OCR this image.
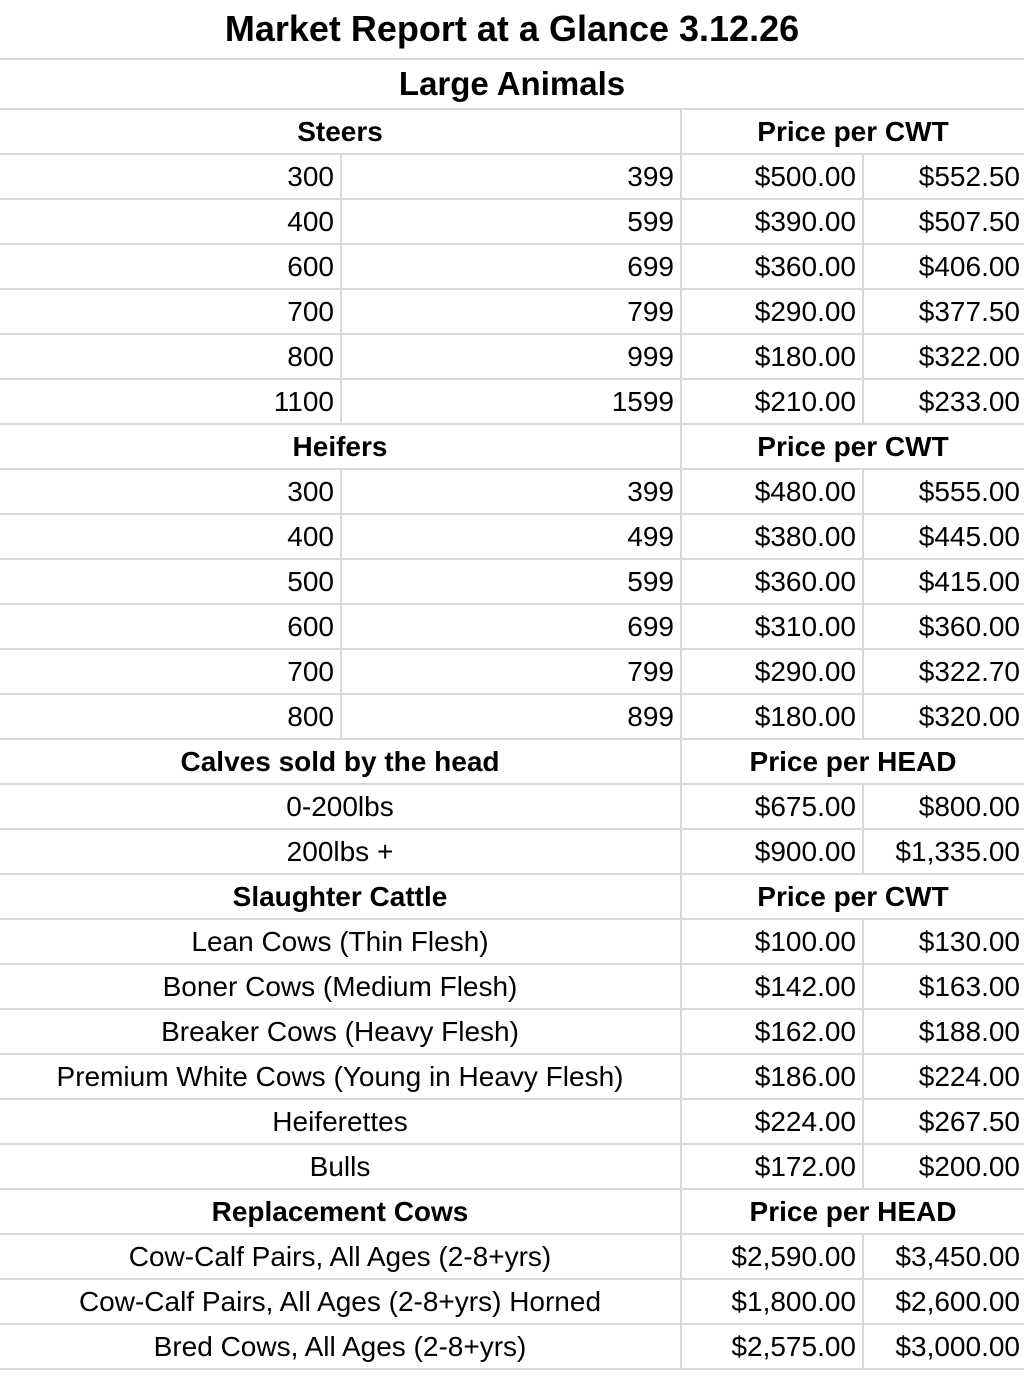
Market Report at a Glance 3.12.26
Large Animals
Steers	Price per CWT
300	399	$500.00	$552.50
400	599	$390.00	$507.50
600	699	$360.00	$406.00
700	799	$290.00	$377.50
800	999	$180.00	$322.00
1100	1599	$210.00	$233.00
Heifers	Price per CWT
300	399	$480.00	$555.00
400	499	$380.00	$445.00
500	599	$360.00	$415.00
600	699	$310.00	$360.00
700	799	$290.00	$322.70
800	899	$180.00	$320.00
Calves sold by the head	Price per HEAD
0-200lbs	$675.00	$800.00
200lbs +	$900.00	$1,335.00
Slaughter Cattle	Price per CWT
Lean Cows (Thin Flesh)	$100.00	$130.00
Boner Cows (Medium Flesh)	$142.00	$163.00
Breaker Cows (Heavy Flesh)	$162.00	$188.00
Premium White Cows (Young in Heavy Flesh)	$186.00	$224.00
Heiferettes	$224.00	$267.50
Bulls	$172.00	$200.00
Replacement Cows	Price per HEAD
Cow-Calf Pairs, All Ages (2-8+yrs)	$2,590.00	$3,450.00
Cow-Calf Pairs, All Ages (2-8+yrs) Horned	$1,800.00	$2,600.00
Bred Cows, All Ages (2-8+yrs)	$2,575.00	$3,000.00
